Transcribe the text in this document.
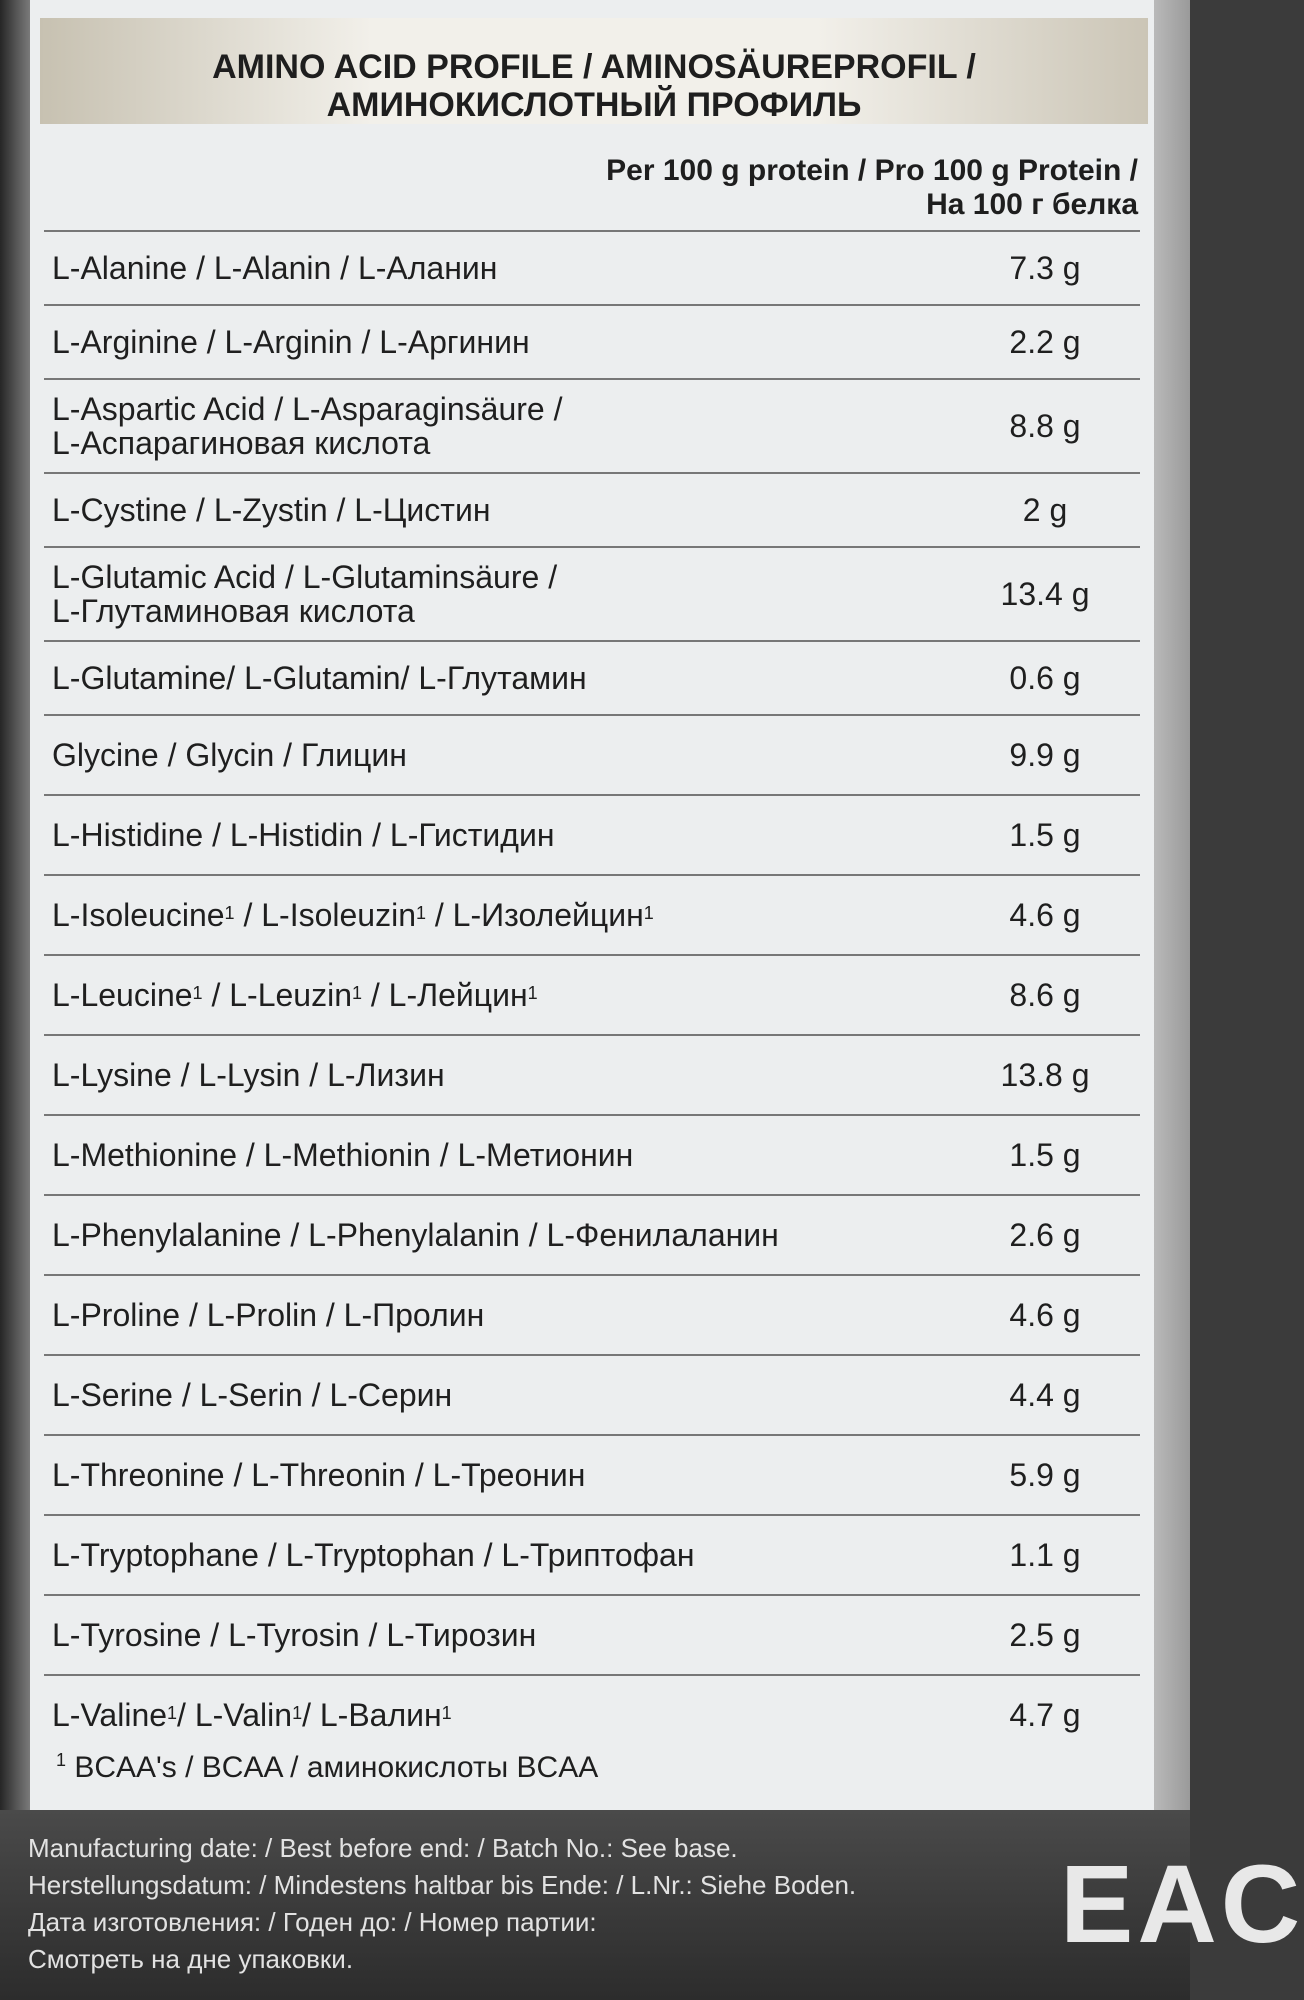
AMINO ACID PROFILE / AMINOSÄUREPROFIL /
АМИНОКИСЛОТНЫЙ ПРОФИЛЬ
Per 100 g protein / Pro 100 g Protein /
На 100 г белка
L-Alanine / L-Alanin / L-Аланин	7.3 g
L-Arginine / L-Arginin / L-Аргинин	2.2 g
L-Aspartic Acid / L-Asparaginsäure /
L-Аспарагиновая кислота	8.8 g
L-Cystine / L-Zystin / L-Цистин	2 g
L-Glutamic Acid / L-Glutaminsäure /
L-Глутаминовая кислота	13.4 g
L-Glutamine/ L-Glutamin/ L-Глутамин	0.6 g
Glycine / Glycin / Глицин	9.9 g
L-Histidine / L-Histidin / L-Гистидин	1.5 g
L-Isoleucine$^1$ / L-Isoleuzin$^1$ / L-Изолейцин$^1$	4.6 g
L-Leucine$^1$ / L-Leuzin$^1$ / L-Лейцин$^1$	8.6 g
L-Lysine / L-Lysin / L-Лизин	13.8 g
L-Methionine / L-Methionin / L-Метионин	1.5 g
L-Phenylalanine / L-Phenylalanin / L-Фенилаланин	2.6 g
L-Proline / L-Prolin / L-Пролин	4.6 g
L-Serine / L-Serin / L-Серин	4.4 g
L-Threonine / L-Threonin / L-Треонин	5.9 g
L-Tryptophane / L-Tryptophan / L-Триптофан	1.1 g
L-Tyrosine / L-Tyrosin / L-Тирозин	2.5 g
L-Valine$^1$/ L-Valin$^1$/ L-Валин$^1$	4.7 g
$^1$ BCAA's / BCAA / аминокислоты BCAA
Manufacturing date: / Best before end: / Batch No.: See base.
Herstellungsdatum: / Mindestens haltbar bis Ende: / L.Nr.: Siehe Boden.
Дата изготовления: / Годен до: / Номер партии:
Смотреть на дне упаковки.	EAC
